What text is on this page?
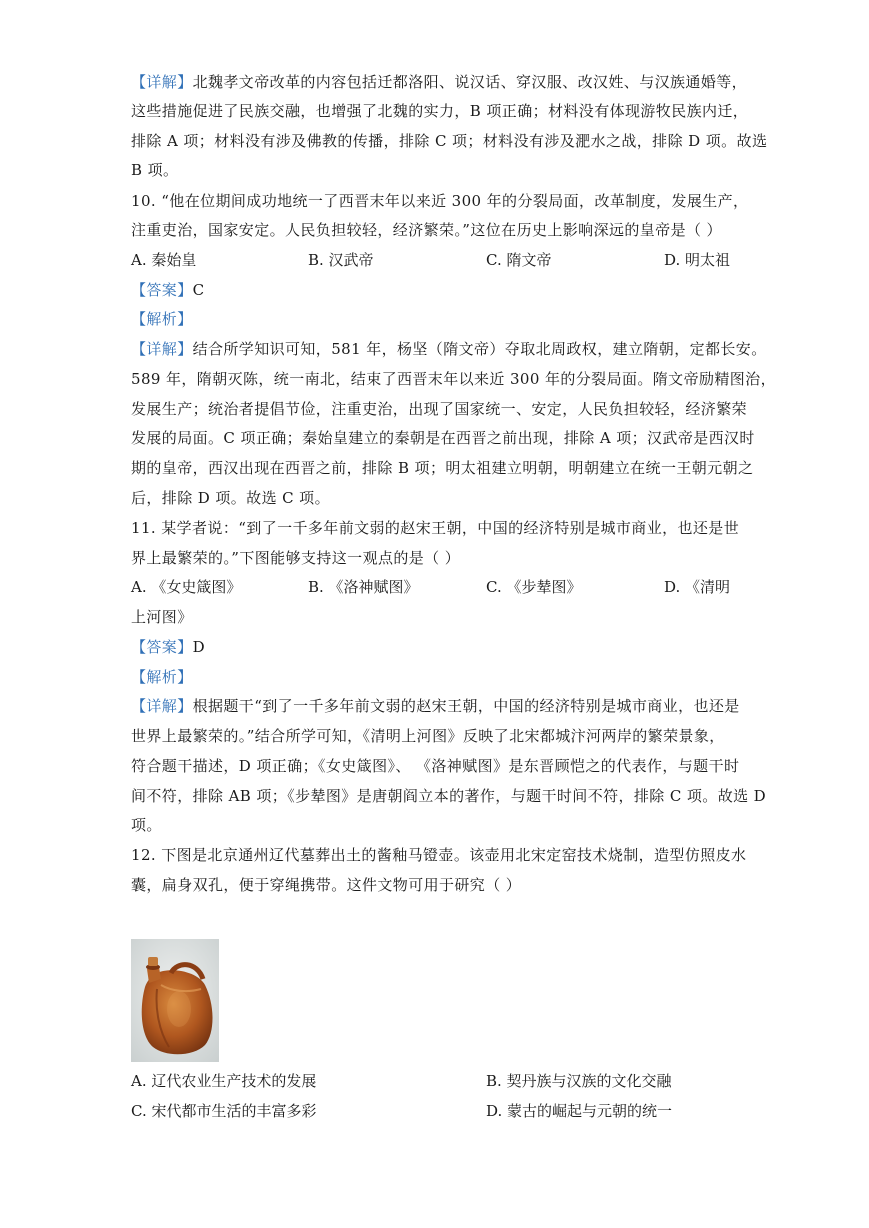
【详解】北魏孝文帝改革的内容包括迁都洛阳、说汉话、穿汉服、改汉姓、与汉族通婚等，
这些措施促进了民族交融，也增强了北魏的实力，B 项正确；材料没有体现游牧民族内迁，
排除 A 项；材料没有涉及佛教的传播，排除 C 项；材料没有涉及淝水之战，排除 D 项。故选
B 项。
10. “他在位期间成功地统一了西晋末年以来近 300 年的分裂局面，改革制度，发展生产，
注重吏治，国家安定。人民负担较轻，经济繁荣。”这位在历史上影响深远的皇帝是（ ）
A. 秦始皇	B. 汉武帝	C. 隋文帝	D. 明太祖
【答案】C
【解析】
【详解】结合所学知识可知，581 年，杨坚（隋文帝）夺取北周政权，建立隋朝，定都长安。
589 年，隋朝灭陈，统一南北，结束了西晋末年以来近 300 年的分裂局面。隋文帝励精图治，
发展生产；统治者提倡节俭，注重吏治，出现了国家统一、安定，人民负担较轻，经济繁荣
发展的局面。C 项正确；秦始皇建立的秦朝是在西晋之前出现，排除 A 项；汉武帝是西汉时
期的皇帝，西汉出现在西晋之前，排除 B 项；明太祖建立明朝，明朝建立在统一王朝元朝之
后，排除 D 项。故选 C 项。
11. 某学者说：“到了一千多年前文弱的赵宋王朝，中国的经济特别是城市商业，也还是世
界上最繁荣的。”下图能够支持这一观点的是（ ）
A. 《女史箴图》	B. 《洛神赋图》	C. 《步辇图》	D. 《清明
上河图》
【答案】D
【解析】
【详解】根据题干“到了一千多年前文弱的赵宋王朝，中国的经济特别是城市商业，也还是
世界上最繁荣的。”结合所学可知，《清明上河图》反映了北宋都城汴河两岸的繁荣景象，
符合题干描述，D 项正确；《女史箴图》、 《洛神赋图》是东晋顾恺之的代表作，与题干时
间不符，排除 AB 项；《步辇图》是唐朝阎立本的著作，与题干时间不符，排除 C 项。故选 D
项。
12. 下图是北京通州辽代墓葬出土的酱釉马镫壶。该壶用北宋定窑技术烧制，造型仿照皮水
囊，扁身双孔，便于穿绳携带。这件文物可用于研究（ ）
A. 辽代农业生产技术的发展	B. 契丹族与汉族的文化交融
C. 宋代都市生活的丰富多彩	D. 蒙古的崛起与元朝的统一
